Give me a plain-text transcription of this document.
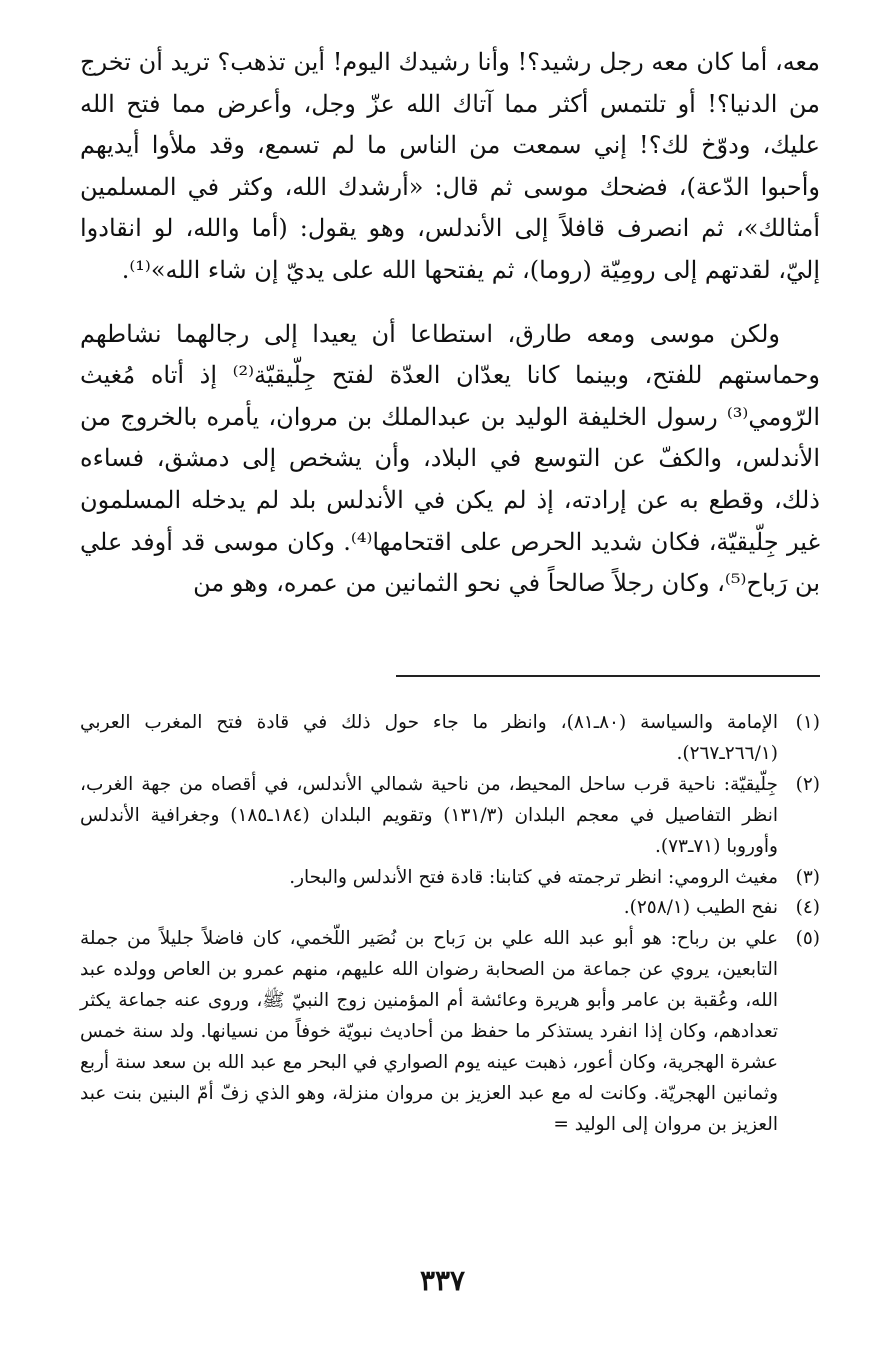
معه، أما كان معه رجل رشيد؟! وأنا رشيدك اليوم! أين تذهب؟ تريد أن تخرج من الدنيا؟! أو تلتمس أكثر مما آتاك الله عزّ وجل، وأعرض مما فتح الله عليك، ودوّخ لك؟! إني سمعت من الناس ما لم تسمع، وقد ملأوا أيديهم وأحبوا الدّعة)، فضحك موسى ثم قال: «أرشدك الله، وكثر في المسلمين أمثالك»، ثم انصرف قافلاً إلى الأندلس، وهو يقول: (أما والله، لو انقادوا إليّ، لقدتهم إلى رومِيّة (روما)، ثم يفتحها الله على يديّ إن شاء الله»⁽¹⁾.

ولكن موسى ومعه طارق، استطاعا أن يعيدا إلى رجالهما نشاطهم وحماستهم للفتح، وبينما كانا يعدّان العدّة لفتح جِلّيقيّة⁽²⁾ إذ أتاه مُغيث الرّومي⁽³⁾ رسول الخليفة الوليد بن عبدالملك بن مروان، يأمره بالخروج من الأندلس، والكفّ عن التوسع في البلاد، وأن يشخص إلى دمشق، فساءه ذلك، وقطع به عن إرادته، إذ لم يكن في الأندلس بلد لم يدخله المسلمون غير جِلّيقيّة، فكان شديد الحرص على اقتحامها⁽⁴⁾. وكان موسى قد أوفد علي بن رَباح⁽⁵⁾، وكان رجلاً صالحاً في نحو الثمانين من عمره، وهو من

(١)
الإمامة والسياسة (٨٠ـ٨١)، وانظر ما جاء حول ذلك في قادة فتح المغرب العربي (٢٦٦/١ـ٢٦٧).
(٢)
جِلّيقيّة: ناحية قرب ساحل المحيط، من ناحية شمالي الأندلس، في أقصاه من جهة الغرب، انظر التفاصيل في معجم البلدان (١٣١/٣) وتقويم البلدان (١٨٤ـ١٨٥) وجغرافية الأندلس وأوروبا (٧١ـ٧٣).
(٣)
مغيث الرومي: انظر ترجمته في كتابنا: قادة فتح الأندلس والبحار.
(٤)
نفح الطيب (٢٥٨/١).
(٥)
علي بن رباح: هو أبو عبد الله علي بن رَباح بن نُصَير اللّخمي، كان فاضلاً جليلاً من جملة التابعين، يروي عن جماعة من الصحابة رضوان الله عليهم، منهم عمرو بن العاص وولده عبد الله، وعُقبة بن عامر وأبو هريرة وعائشة أم المؤمنين زوج النبيّ ﷺ، وروى عنه جماعة يكثر تعدادهم، وكان إذا انفرد يستذكر ما حفظ من أحاديث نبويّة خوفاً من نسيانها. ولد سنة خمس عشرة الهجرية، وكان أعور، ذهبت عينه يوم الصواري في البحر مع عبد الله بن سعد سنة أربع وثمانين الهجريّة. وكانت له مع عبد العزيز بن مروان منزلة، وهو الذي زفّ أمّ البنين بنت عبد العزيز بن مروان إلى الوليد =
٣٣٧
